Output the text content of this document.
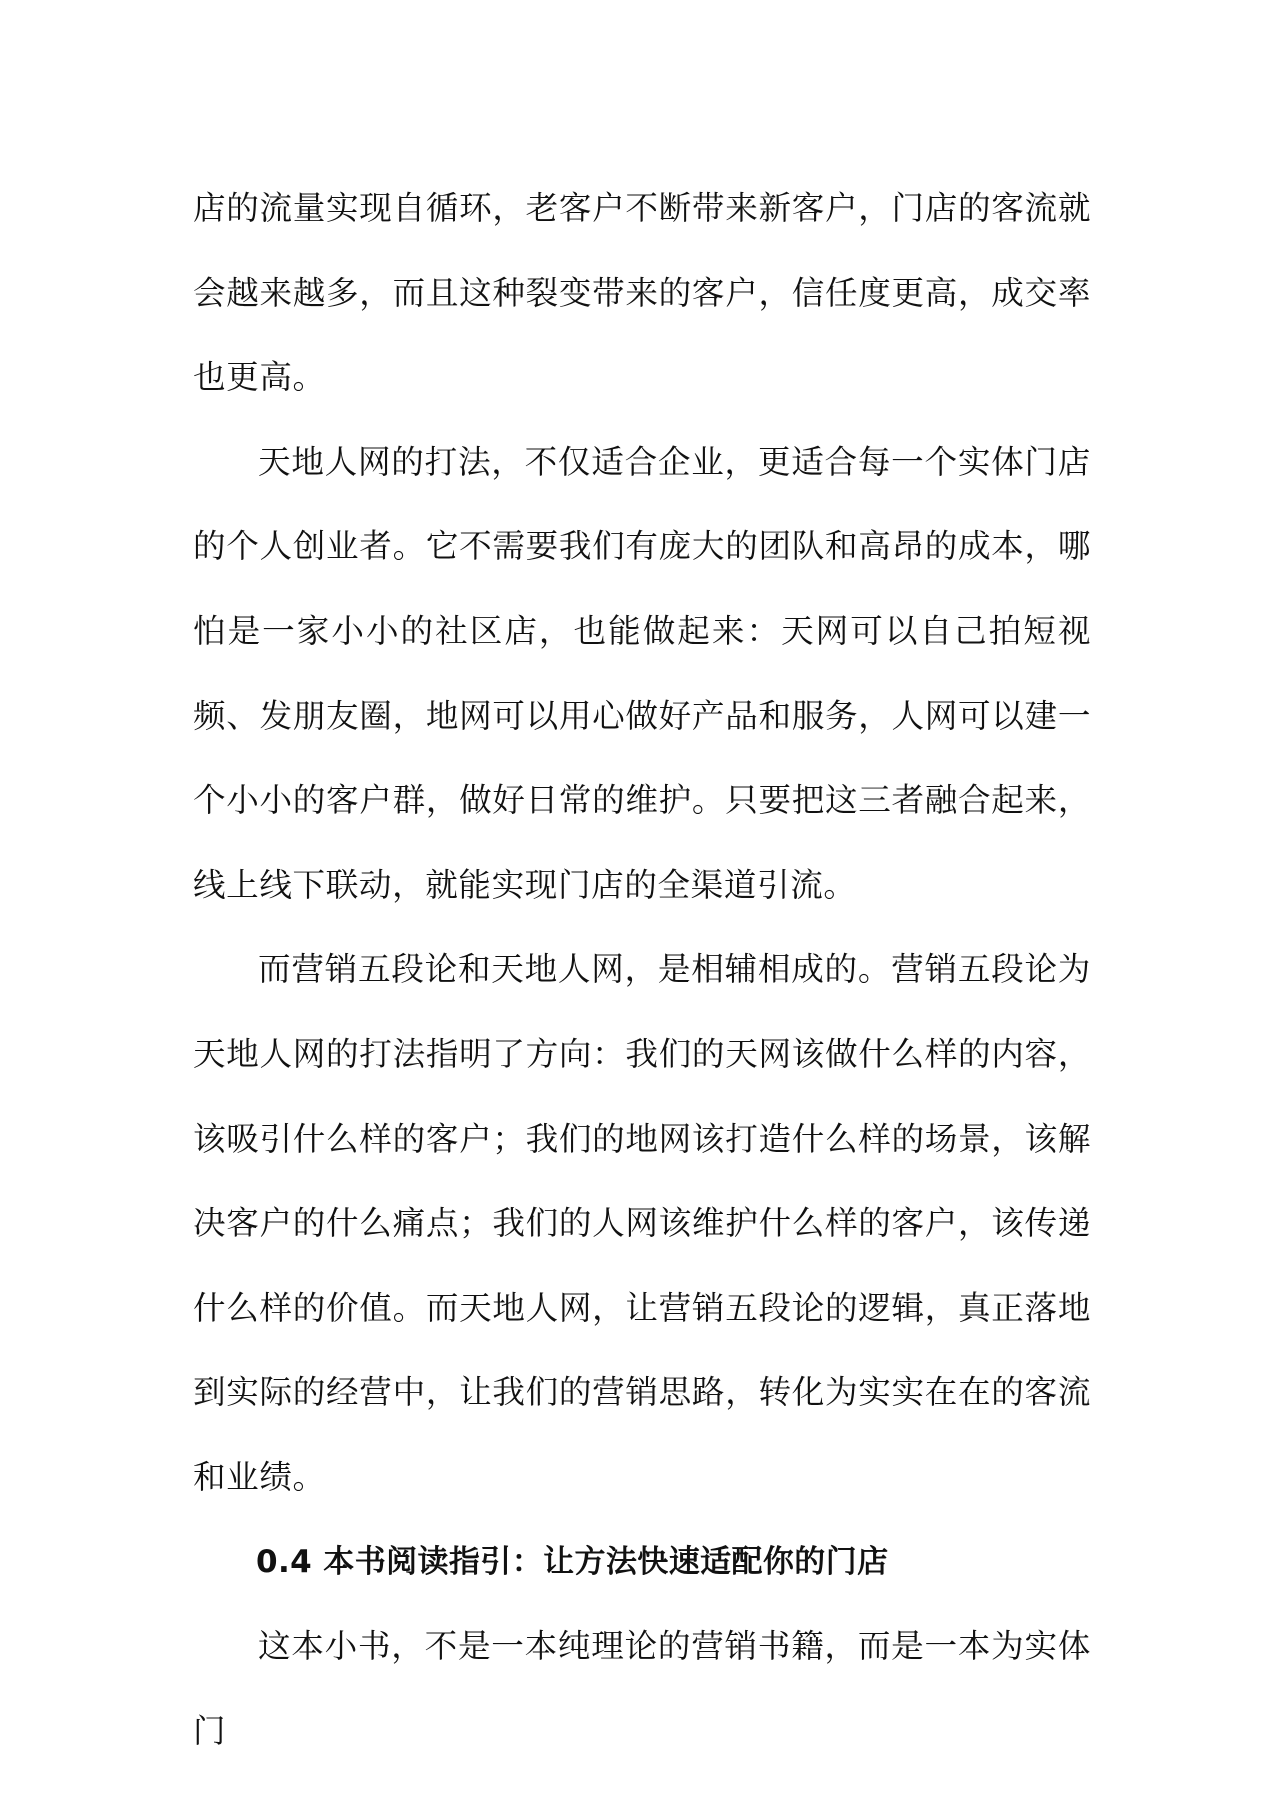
店的流量实现自循环，老客户不断带来新客户，门店的客流就会越来越多，而且这种裂变带来的客户，信任度更高，成交率也更高。

天地人网的打法，不仅适合企业，更适合每一个实体门店的个人创业者。它不需要我们有庞大的团队和高昂的成本，哪怕是一家小小的社区店，也能做起来：天网可以自己拍短视频、发朋友圈，地网可以用心做好产品和服务，人网可以建一个小小的客户群，做好日常的维护。只要把这三者融合起来，线上线下联动，就能实现门店的全渠道引流。

而营销五段论和天地人网，是相辅相成的。营销五段论为天地人网的打法指明了方向：我们的天网该做什么样的内容，该吸引什么样的客户；我们的地网该打造什么样的场景，该解决客户的什么痛点；我们的人网该维护什么样的客户，该传递什么样的价值。而天地人网，让营销五段论的逻辑，真正落地到实际的经营中，让我们的营销思路，转化为实实在在的客流和业绩。

0.4 本书阅读指引：让方法快速适配你的门店

这本小书，不是一本纯理论的营销书籍，而是一本为实体门
